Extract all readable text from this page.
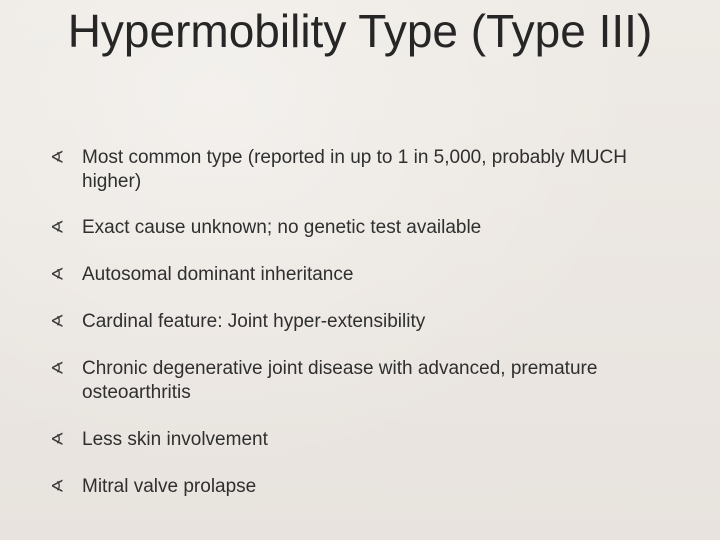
Hypermobility Type (Type III)
∢ Most common type (reported in up to 1 in 5,000, probably MUCH higher)
∢ Exact cause unknown; no genetic test available
∢ Autosomal dominant inheritance
∢ Cardinal feature: Joint hyper-extensibility
∢ Chronic degenerative joint disease with advanced, premature osteoarthritis
∢ Less skin involvement
∢ Mitral valve prolapse
